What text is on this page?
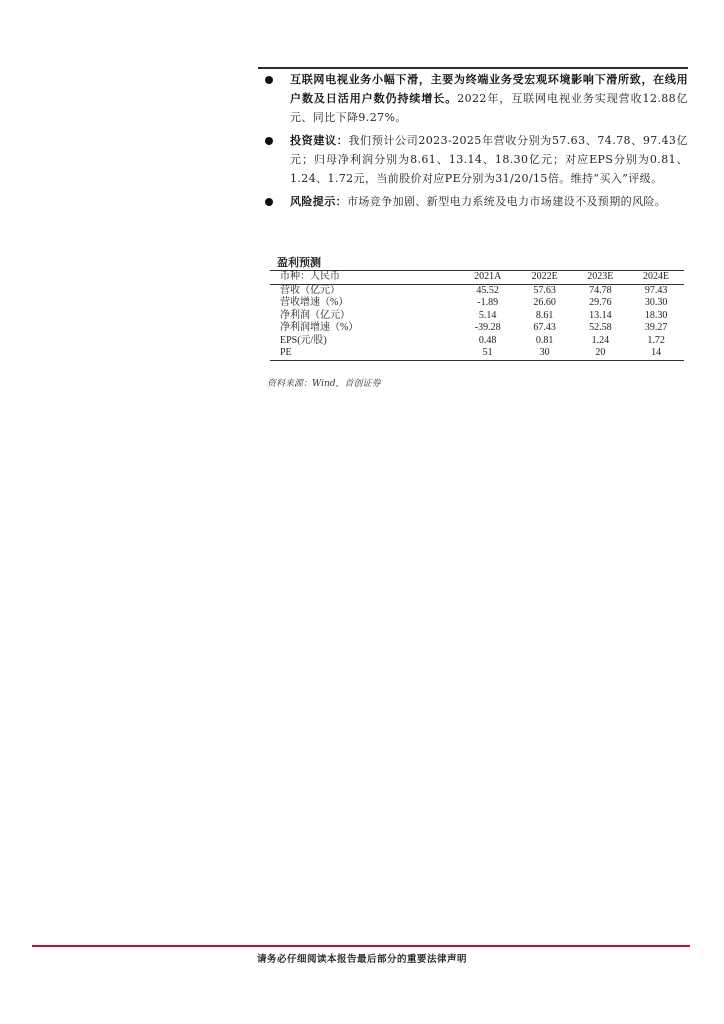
互联网电视业务小幅下滑，主要为终端业务受宏观环境影响下滑所致，在线用户数及日活用户数仍持续增长。2022年，互联网电视业务实现营收12.88亿元、同比下降9.27%。

投资建议：我们预计公司2023-2025年营收分别为57.63、74.78、97.43亿元；归母净利润分别为8.61、13.14、18.30亿元；对应EPS分别为0.81、1.24、1.72元，当前股价对应PE分别为31/20/15倍。维持“买入”评级。

风险提示：市场竞争加剧、新型电力系统及电力市场建设不及预期的风险。

盈利预测
币种：人民币	2021A	2022E	2023E	2024E
营收（亿元）	45.52	57.63	74.78	97.43
营收增速（%）	-1.89	26.60	29.76	30.30
净利润（亿元）	5.14	8.61	13.14	18.30
净利润增速（%）	-39.28	67.43	52.58	39.27
EPS(元/股)	0.48	0.81	1.24	1.72
PE	51	30	20	14
资料来源：Wind，首创证券
请务必仔细阅读本报告最后部分的重要法律声明
